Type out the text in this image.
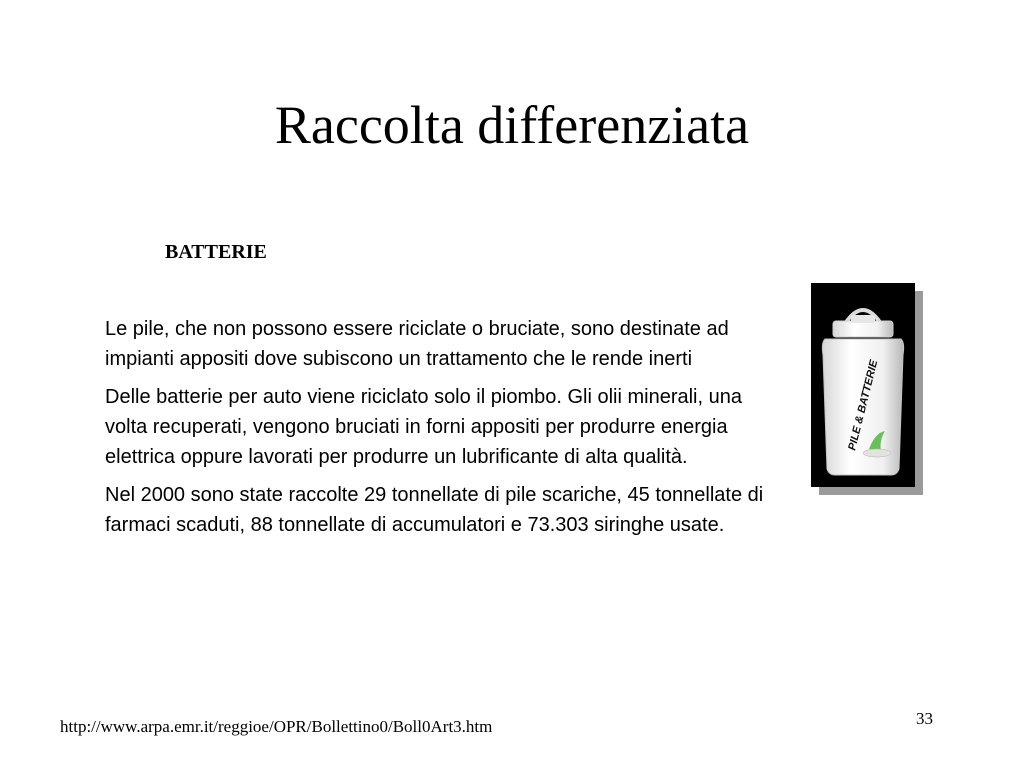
Raccolta differenziata
BATTERIE

Le pile, che non possono essere riciclate o bruciate, sono destinate ad impianti appositi dove subiscono un trattamento che le rende inerti

Delle batterie per auto viene riciclato solo il piombo. Gli olii minerali, una volta recuperati, vengono bruciati in forni appositi per produrre energia elettrica oppure lavorati per produrre un lubrificante di alta qualità.

Nel 2000 sono state raccolte 29 tonnellate di pile scariche, 45 tonnellate di farmaci scaduti, 88 tonnellate di accumulatori e 73.303 siringhe usate.

PILE & BATTERIE
http://www.arpa.emr.it/reggioe/OPR/Bollettino0/Boll0Art3.htm	33
